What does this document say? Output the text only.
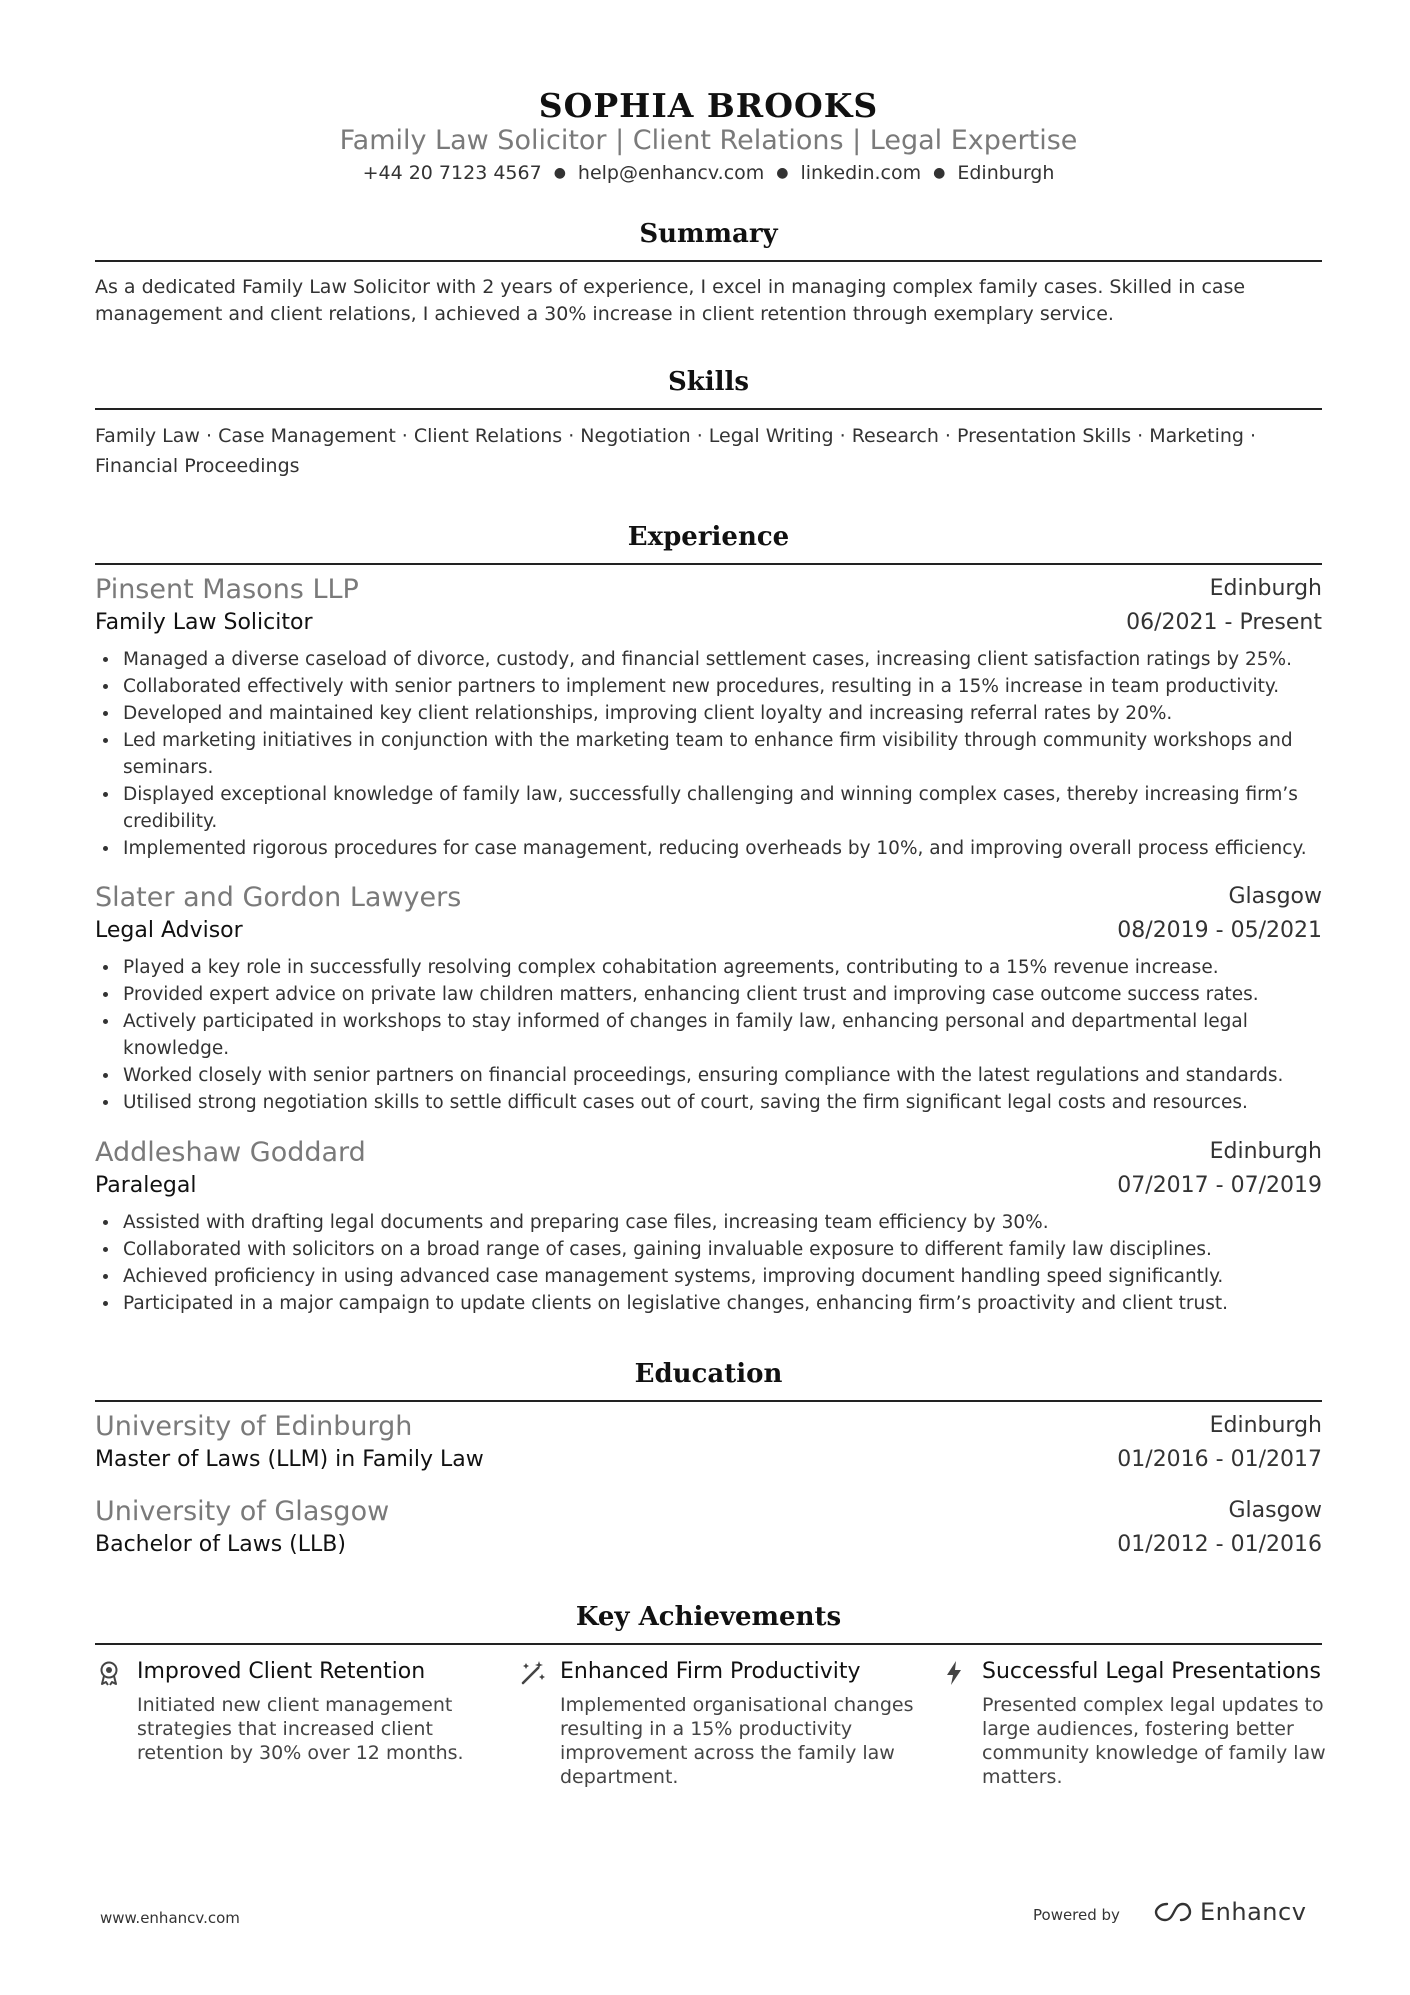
SOPHIA BROOKS
Family Law Solicitor | Client Relations | Legal Expertise
+44 20 7123 4567 ● help@enhancv.com ● linkedin.com ● Edinburgh
Summary
As a dedicated Family Law Solicitor with 2 years of experience, I excel in managing complex family cases. Skilled in case management and client relations, I achieved a 30% increase in client retention through exemplary service.
Skills
Family Law · Case Management · Client Relations · Negotiation · Legal Writing · Research · Presentation Skills · Marketing · Financial Proceedings
Experience
Pinsent Masons LLP	Edinburgh
Family Law Solicitor	06/2021 - Present
Managed a diverse caseload of divorce, custody, and financial settlement cases, increasing client satisfaction ratings by 25%.
Collaborated effectively with senior partners to implement new procedures, resulting in a 15% increase in team productivity.
Developed and maintained key client relationships, improving client loyalty and increasing referral rates by 20%.
Led marketing initiatives in conjunction with the marketing team to enhance firm visibility through community workshops and seminars.
Displayed exceptional knowledge of family law, successfully challenging and winning complex cases, thereby increasing firm’s credibility.
Implemented rigorous procedures for case management, reducing overheads by 10%, and improving overall process efficiency.
Slater and Gordon Lawyers	Glasgow
Legal Advisor	08/2019 - 05/2021
Played a key role in successfully resolving complex cohabitation agreements, contributing to a 15% revenue increase.
Provided expert advice on private law children matters, enhancing client trust and improving case outcome success rates.
Actively participated in workshops to stay informed of changes in family law, enhancing personal and departmental legal knowledge.
Worked closely with senior partners on financial proceedings, ensuring compliance with the latest regulations and standards.
Utilised strong negotiation skills to settle difficult cases out of court, saving the firm significant legal costs and resources.
Addleshaw Goddard	Edinburgh
Paralegal	07/2017 - 07/2019
Assisted with drafting legal documents and preparing case files, increasing team efficiency by 30%.
Collaborated with solicitors on a broad range of cases, gaining invaluable exposure to different family law disciplines.
Achieved proficiency in using advanced case management systems, improving document handling speed significantly.
Participated in a major campaign to update clients on legislative changes, enhancing firm’s proactivity and client trust.
Education
University of Edinburgh	Edinburgh
Master of Laws (LLM) in Family Law	01/2016 - 01/2017
University of Glasgow	Glasgow
Bachelor of Laws (LLB)	01/2012 - 01/2016
Key Achievements
Improved Client Retention
Initiated new client management strategies that increased client retention by 30% over 12 months.
Enhanced Firm Productivity
Implemented organisational changes resulting in a 15% productivity improvement across the family law department.
Successful Legal Presentations
Presented complex legal updates to large audiences, fostering better community knowledge of family law matters.
www.enhancv.com	Powered by	Enhancv
